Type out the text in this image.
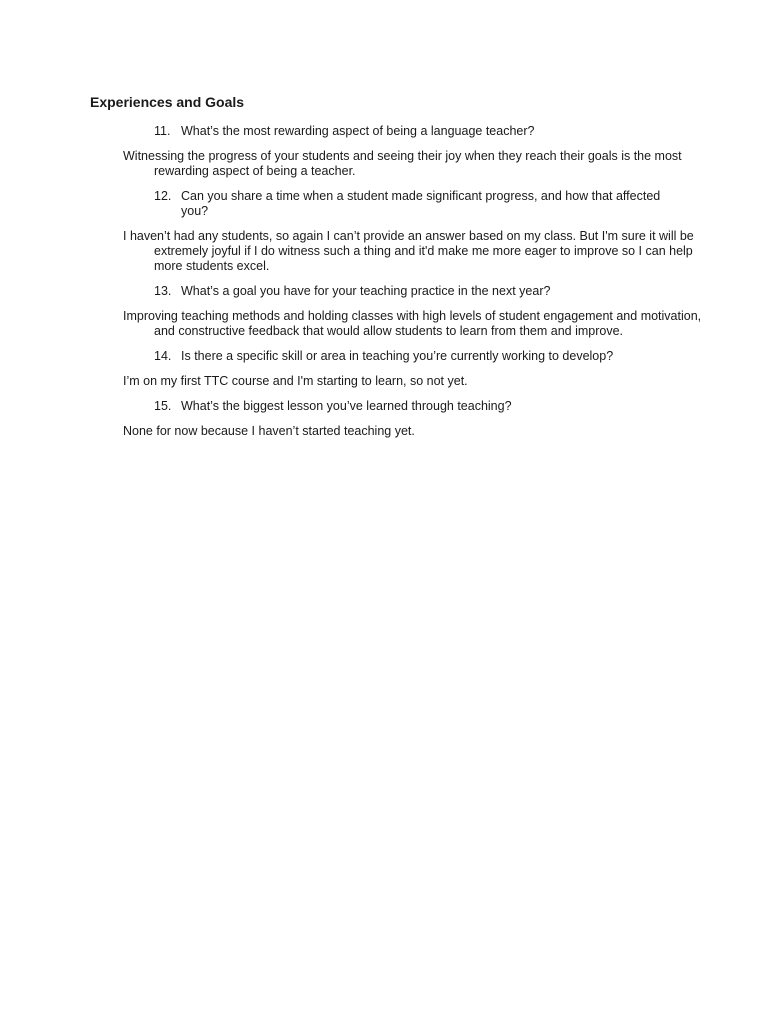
Experiences and Goals
11. What’s the most rewarding aspect of being a language teacher?

Witnessing the progress of your students and seeing their joy when they reach their goals is the most rewarding aspect of being a teacher.

12. Can you share a time when a student made significant progress, and how that affected you?

I haven’t had any students, so again I can’t provide an answer based on my class. But I'm sure it will be extremely joyful if I do witness such a thing and it'd make me more eager to improve so I can help more students excel.

13. What’s a goal you have for your teaching practice in the next year?

Improving teaching methods and holding classes with high levels of student engagement and motivation, and constructive feedback that would allow students to learn from them and improve.

14. Is there a specific skill or area in teaching you’re currently working to develop?

I’m on my first TTC course and I'm starting to learn, so not yet.

15. What’s the biggest lesson you’ve learned through teaching?

None for now because I haven’t started teaching yet.
